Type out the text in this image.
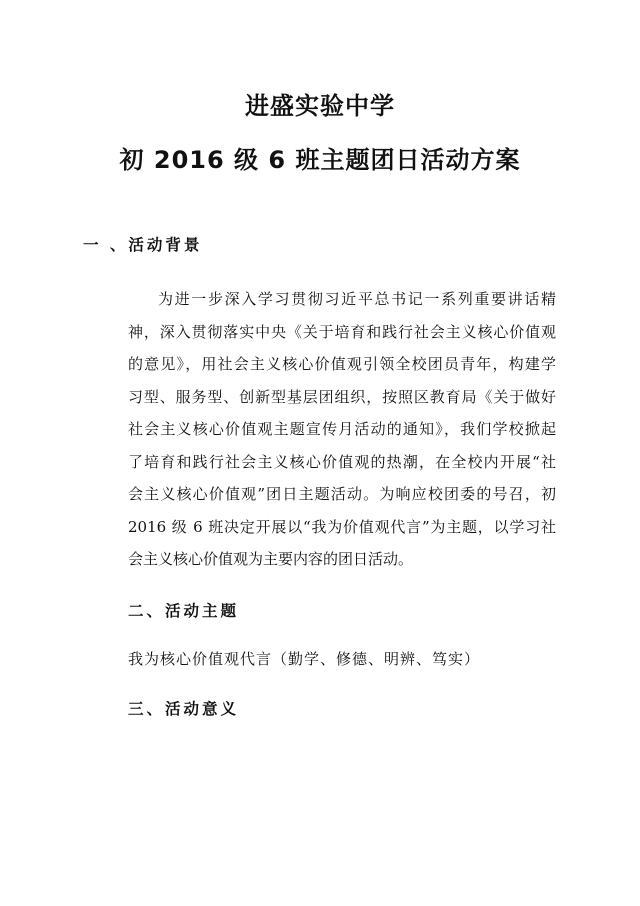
进盛实验中学
初 2016 级 6 班主题团日活动方案
一 、活动背景
为进一步深入学习贯彻习近平总书记一系列重要讲话精
神，深入贯彻落实中央《关于培育和践行社会主义核心价值观
的意见》，用社会主义核心价值观引领全校团员青年，构建学
习型、服务型、创新型基层团组织，按照区教育局《关于做好
社会主义核心价值观主题宣传月活动的通知》，我们学校掀起
了培育和践行社会主义核心价值观的热潮，在全校内开展“社
会主义核心价值观”团日主题活动。为响应校团委的号召，初
2016 级 6 班决定开展以“我为价值观代言”为主题，以学习社
会主义核心价值观为主要内容的团日活动。
二、活动主题

我为核心价值观代言（勤学、修德、明辨、笃实）

三、活动意义
